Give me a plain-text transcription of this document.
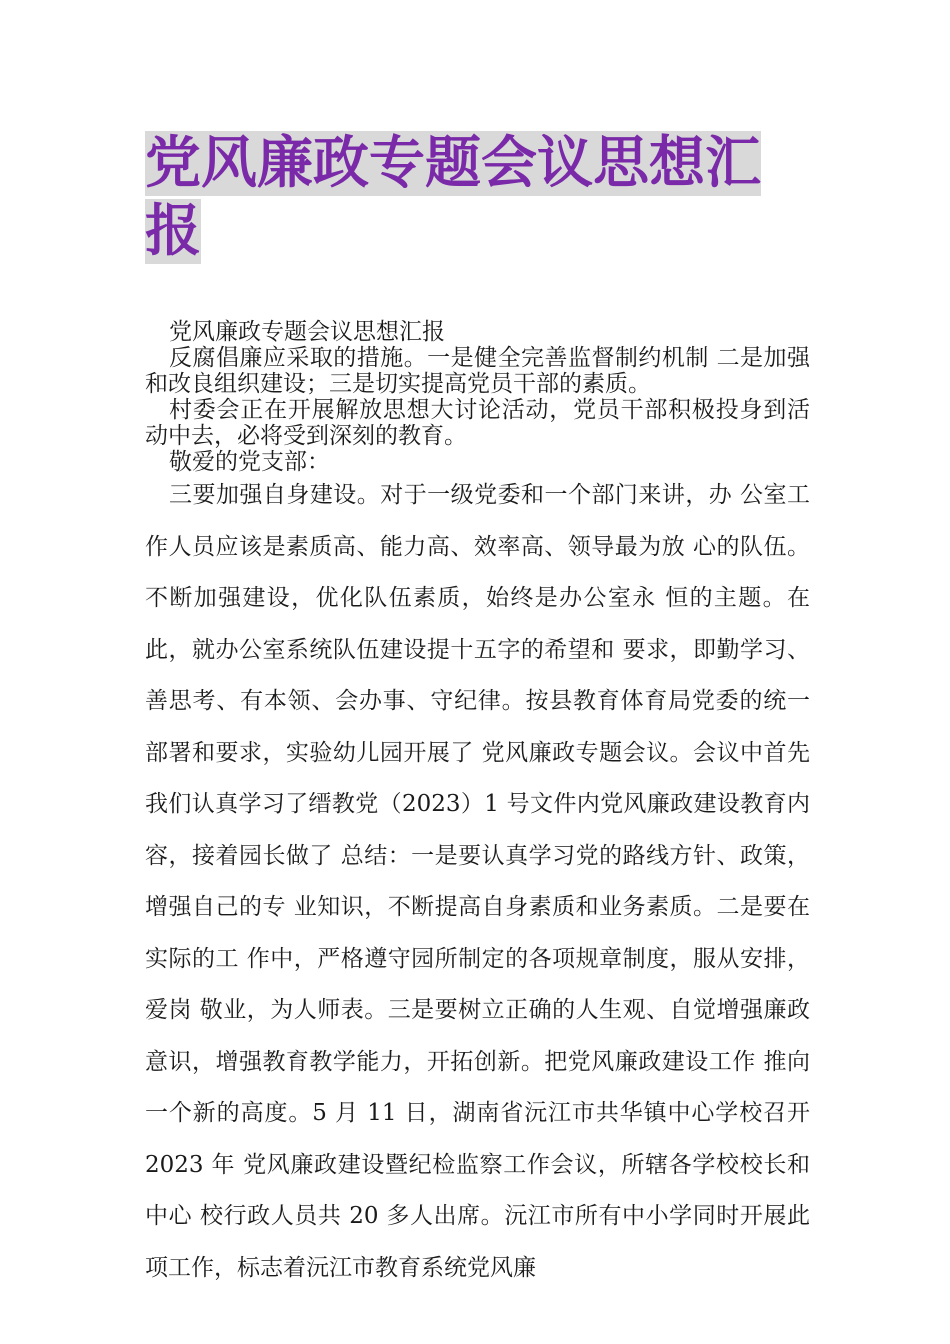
党风廉政专题会议思想汇报

党风廉政专题会议思想汇报

反腐倡廉应采取的措施。一是健全完善监督制约机制 二是加强和改良组织建设；三是切实提高党员干部的素质。

村委会正在开展解放思想大讨论活动，党员干部积极投身到活动中去，必将受到深刻的教育。

敬爱的党支部：

三要加强自身建设。对于一级党委和一个部门来讲，办 公室工作人员应该是素质高、能力高、效率高、领导最为放 心的队伍。不断加强建设，优化队伍素质，始终是办公室永 恒的主题。在此，就办公室系统队伍建设提十五字的希望和 要求，即勤学习、善思考、有本领、会办事、守纪律。按县教育体育局党委的统一部署和要求，实验幼儿园开展了 党风廉政专题会议。会议中首先我们认真学习了缙教党（2023）1 号文件内党风廉政建设教育内容，接着园长做了 总结：一是要认真学习党的路线方针、政策，增强自己的专 业知识，不断提高自身素质和业务素质。二是要在实际的工 作中，严格遵守园所制定的各项规章制度，服从安排，爱岗 敬业，为人师表。三是要树立正确的人生观、自觉增强廉政 意识，增强教育教学能力，开拓创新。把党风廉政建设工作 推向一个新的高度。5 月 11 日，湖南省沅江市共华镇中心学校召开 2023 年 党风廉政建设暨纪检监察工作会议，所辖各学校校长和中心 校行政人员共 20 多人出席。沅江市所有中小学同时开展此 项工作，标志着沅江市教育系统党风廉
